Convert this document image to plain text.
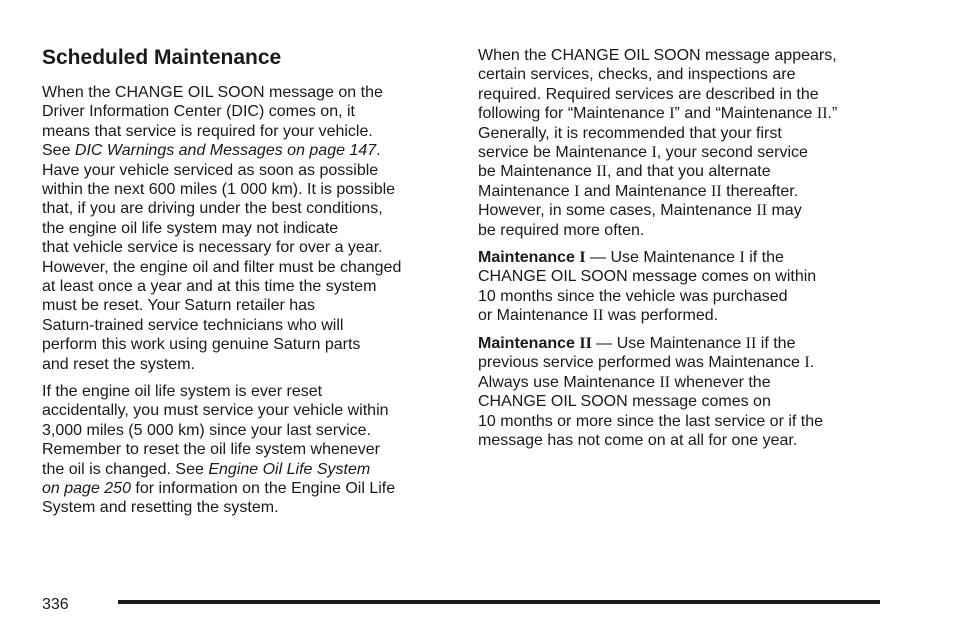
Scheduled Maintenance

When the CHANGE OIL SOON message on the
Driver Information Center (DIC) comes on, it
means that service is required for your vehicle.
See DIC Warnings and Messages on page 147.
Have your vehicle serviced as soon as possible
within the next 600 miles (1 000 km). It is possible
that, if you are driving under the best conditions,
the engine oil life system may not indicate
that vehicle service is necessary for over a year.
However, the engine oil and filter must be changed
at least once a year and at this time the system
must be reset. Your Saturn retailer has
Saturn-trained service technicians who will
perform this work using genuine Saturn parts
and reset the system.

If the engine oil life system is ever reset
accidentally, you must service your vehicle within
3,000 miles (5 000 km) since your last service.
Remember to reset the oil life system whenever
the oil is changed. See Engine Oil Life System
on page 250 for information on the Engine Oil Life
System and resetting the system.

When the CHANGE OIL SOON message appears,
certain services, checks, and inspections are
required. Required services are described in the
following for “Maintenance I” and “Maintenance II.”
Generally, it is recommended that your first
service be Maintenance I, your second service
be Maintenance II, and that you alternate
Maintenance I and Maintenance II thereafter.
However, in some cases, Maintenance II may
be required more often.

Maintenance I — Use Maintenance I if the
CHANGE OIL SOON message comes on within
10 months since the vehicle was purchased
or Maintenance II was performed.

Maintenance II — Use Maintenance II if the
previous service performed was Maintenance I.
Always use Maintenance II whenever the
CHANGE OIL SOON message comes on
10 months or more since the last service or if the
message has not come on at all for one year.

336
